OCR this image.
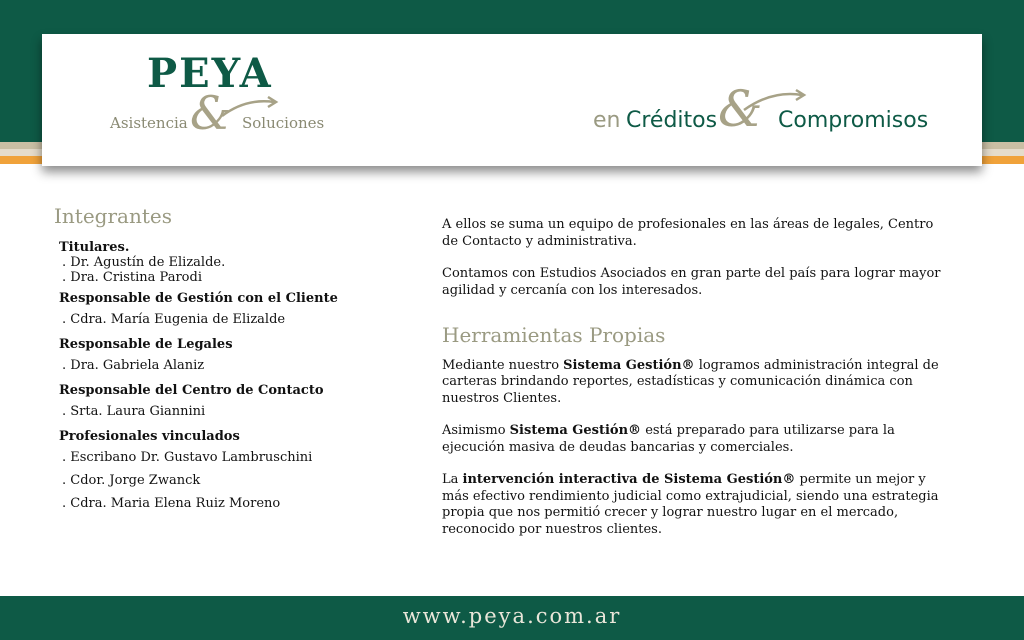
PEYA
&
Asistencia	Soluciones	en Créditos & Compromisos
Integrantes
Titulares.
. Dr. Agustín de Elizalde.
. Dra. Cristina Parodi
Responsable de Gestión con el Cliente
. Cdra. María Eugenia de Elizalde
Responsable de Legales
. Dra. Gabriela Alaniz
Responsable del Centro de Contacto
. Srta. Laura Giannini
Profesionales vinculados
. Escribano Dr. Gustavo Lambruschini
. Cdor. Jorge Zwanck
. Cdra. Maria Elena Ruiz Moreno

A ellos se suma un equipo de profesionales en las áreas de legales, Centro de Contacto y administrativa.

Contamos con Estudios Asociados en gran parte del país para lograr mayor agilidad y cercanía con los interesados.

Herramientas Propias

Mediante nuestro Sistema Gestión® logramos administración integral de carteras brindando reportes, estadísticas y comunicación dinámica con nuestros Clientes.

Asimismo Sistema Gestión® está preparado para utilizarse para la ejecución masiva de deudas bancarias y comerciales.

La intervención interactiva de Sistema Gestión® permite un mejor y más efectivo rendimiento judicial como extrajudicial, siendo una estrategia propia que nos permitió crecer y lograr nuestro lugar en el mercado, reconocido por nuestros clientes.

www.peya.com.ar
